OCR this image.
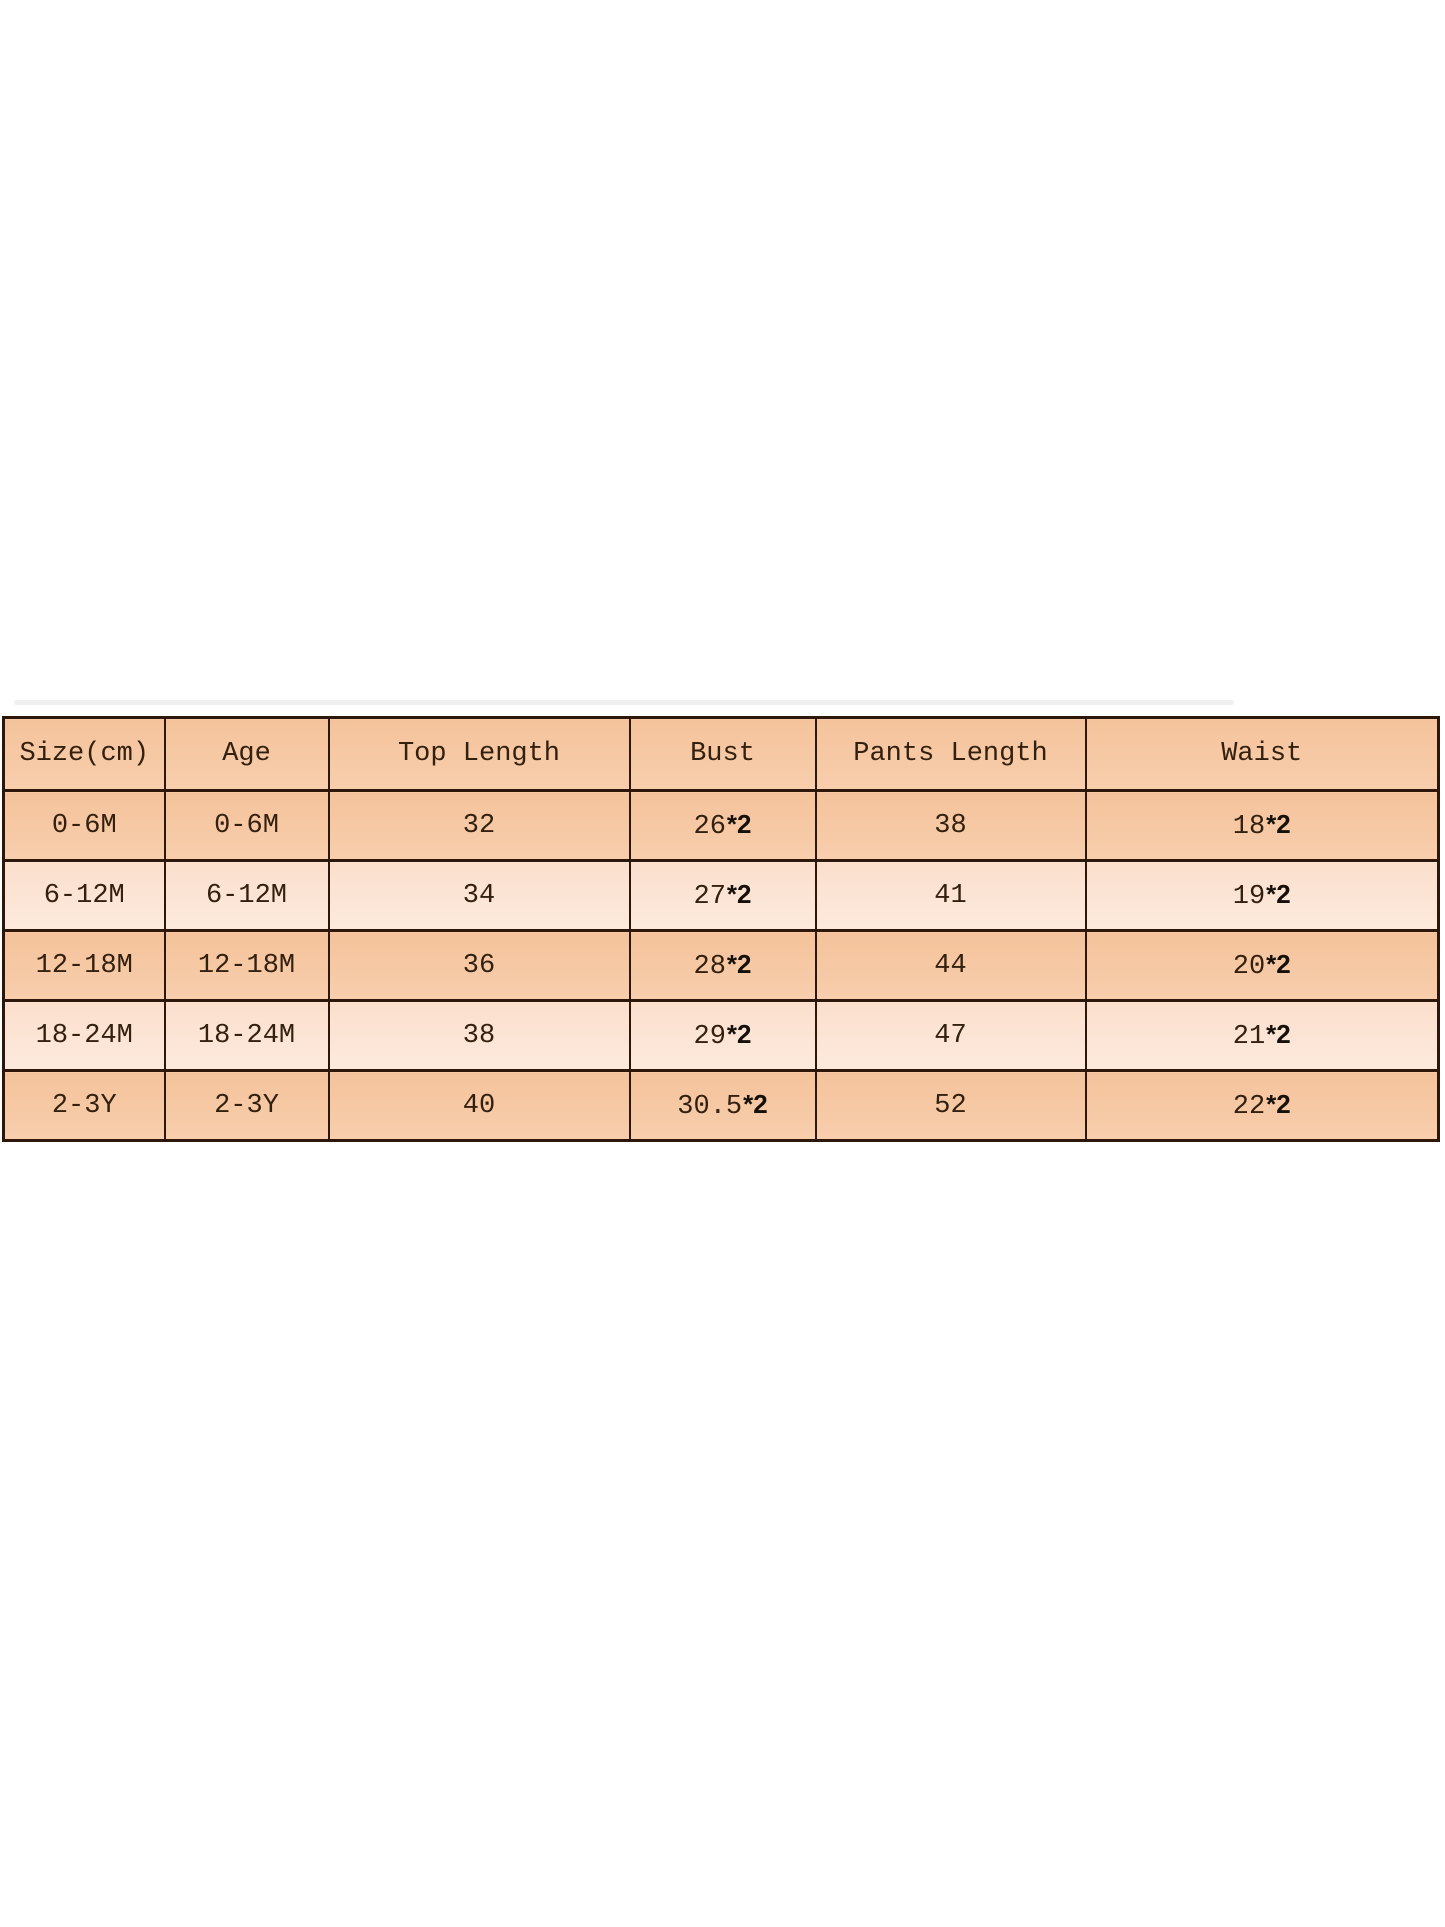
Size(cm)	Age	Top Length	Bust	Pants Length	Waist
0-6M	0-6M	32	26*2	38	18*2
6-12M	6-12M	34	27*2	41	19*2
12-18M	12-18M	36	28*2	44	20*2
18-24M	18-24M	38	29*2	47	21*2
2-3Y	2-3Y	40	30.5*2	52	22*2
